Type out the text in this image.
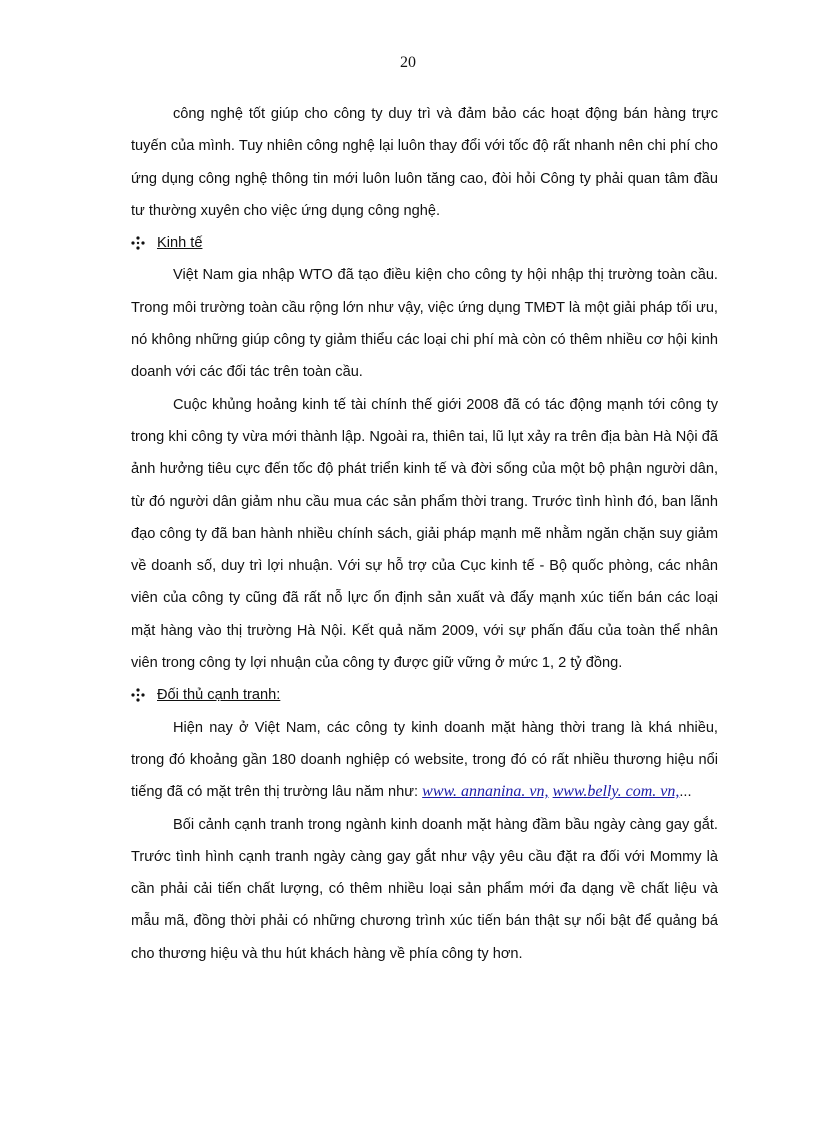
20

công nghệ tốt giúp cho công ty duy trì và đảm bảo các hoạt động bán hàng trực tuyến của mình. Tuy nhiên công nghệ lại luôn thay đổi với tốc độ rất nhanh nên chi phí cho ứng dụng công nghệ thông tin mới luôn luôn tăng cao, đòi hỏi Công ty phải quan tâm đầu tư thường xuyên cho việc ứng dụng công nghệ.

Kinh tế

Việt Nam gia nhập WTO đã tạo điều kiện cho công ty hội nhập thị trường toàn cầu. Trong môi trường toàn cầu rộng lớn như vậy, việc ứng dụng TMĐT là một giải pháp tối ưu, nó không những giúp công ty giảm thiểu các loại chi phí mà còn có thêm nhiều cơ hội kinh doanh với các đối tác trên toàn cầu.

Cuộc khủng hoảng kinh tế tài chính thế giới 2008 đã có tác động mạnh tới công ty trong khi công ty vừa mới thành lập. Ngoài ra, thiên tai, lũ lụt xảy ra trên địa bàn Hà Nội đã ảnh hưởng tiêu cực đến tốc độ phát triển kinh tế và đời sống của một bộ phận người dân, từ đó người dân giảm nhu cầu mua các sản phẩm thời trang. Trước tình hình đó, ban lãnh đạo công ty đã ban hành nhiều chính sách, giải pháp mạnh mẽ nhằm ngăn chặn suy giảm về doanh số, duy trì lợi nhuận. Với sự hỗ trợ của Cục kinh tế - Bộ quốc phòng, các nhân viên của công ty cũng đã rất nỗ lực ổn định sản xuất và đẩy mạnh xúc tiến bán các loại mặt hàng vào thị trường Hà Nội. Kết quả năm 2009, với sự phấn đấu của toàn thể nhân viên trong công ty lợi nhuận của công ty được giữ vững ở mức 1, 2 tỷ đồng.

Đối thủ cạnh tranh:

Hiện nay ở Việt Nam, các công ty kinh doanh mặt hàng thời trang là khá nhiều, trong đó khoảng gần 180 doanh nghiệp có website, trong đó có rất nhiều thương hiệu nổi tiếng đã có mặt trên thị trường lâu năm như: www. annanina. vn, www.belly. com. vn,...

Bối cảnh cạnh tranh trong ngành kinh doanh mặt hàng đầm bầu ngày càng gay gắt. Trước tình hình cạnh tranh ngày càng gay gắt như vậy yêu cầu đặt ra đối với Mommy là cần phải cải tiến chất lượng, có thêm nhiều loại sản phẩm mới đa dạng về chất liệu và mẫu mã, đồng thời phải có những chương trình xúc tiến bán thật sự nổi bật để quảng bá cho thương hiệu và thu hút khách hàng về phía công ty hơn.
